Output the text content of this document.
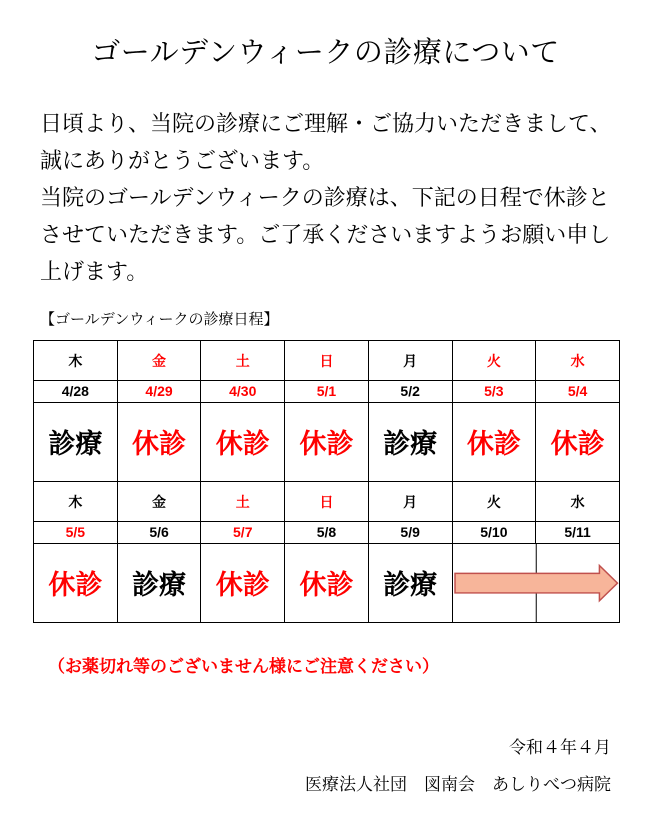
ゴールデンウィークの診療について

日頃より、当院の診療にご理解・ご協力いただきまして、誠にありがとうございます。

当院のゴールデンウィークの診療は、下記の日程で休診とさせていただきます。ご了承くださいますようお願い申し上げます。

【ゴールデンウィークの診療日程】
木	金	土	日	月	火	水
4/28	4/29	4/30	5/1	5/2	5/3	5/4
診療	休診	休診	休診	診療	休診	休診
木	金	土	日	月	火	水
5/5	5/6	5/7	5/8	5/9	5/10	5/11
休診	診療	休診	休診	診療	
（お薬切れ等のございません様にご注意ください）
令和４年４月
医療法人社団　図南会　あしりべつ病院
